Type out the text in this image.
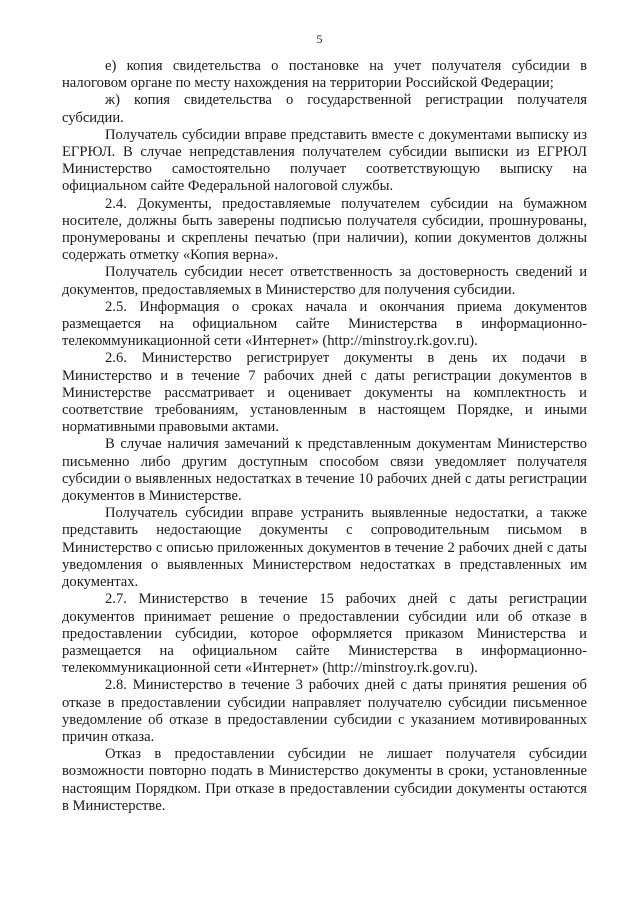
5

е) копия свидетельства о постановке на учет получателя субсидии в налоговом органе по месту нахождения на территории Российской Федерации;

ж) копия свидетельства о государственной регистрации получателя субсидии.

Получатель субсидии вправе представить вместе с документами выписку из ЕГРЮЛ. В случае непредставления получателем субсидии выписки из ЕГРЮЛ Министерство самостоятельно получает соответствующую выписку на официальном сайте Федеральной налоговой службы.

2.4. Документы, предоставляемые получателем субсидии на бумажном носителе, должны быть заверены подписью получателя субсидии, прошнурованы, пронумерованы и скреплены печатью (при наличии), копии документов должны содержать отметку «Копия верна».

Получатель субсидии несет ответственность за достоверность сведений и документов, предоставляемых в Министерство для получения субсидии.

2.5. Информация о сроках начала и окончания приема документов размещается на официальном сайте Министерства в информационно-телекоммуникационной сети «Интернет» (http://minstroy.rk.gov.ru).

2.6. Министерство регистрирует документы в день их подачи в Министерство и в течение 7 рабочих дней с даты регистрации документов в Министерстве рассматривает и оценивает документы на комплектность и соответствие требованиям, установленным в настоящем Порядке, и иными нормативными правовыми актами.

В случае наличия замечаний к представленным документам Министерство письменно либо другим доступным способом связи уведомляет получателя субсидии о выявленных недостатках в течение 10 рабочих дней с даты регистрации документов в Министерстве.

Получатель субсидии вправе устранить выявленные недостатки, а также представить недостающие документы с сопроводительным письмом в Министерство с описью приложенных документов в течение 2 рабочих дней с даты уведомления о выявленных Министерством недостатках в представленных им документах.

2.7. Министерство в течение 15 рабочих дней с даты регистрации документов принимает решение о предоставлении субсидии или об отказе в предоставлении субсидии, которое оформляется приказом Министерства и размещается на официальном сайте Министерства в информационно-телекоммуникационной сети «Интернет» (http://minstroy.rk.gov.ru).

2.8. Министерство в течение 3 рабочих дней с даты принятия решения об отказе в предоставлении субсидии направляет получателю субсидии письменное уведомление об отказе в предоставлении субсидии с указанием мотивированных причин отказа.

Отказ в предоставлении субсидии не лишает получателя субсидии возможности повторно подать в Министерство документы в сроки, установленные настоящим Порядком. При отказе в предоставлении субсидии документы остаются в Министерстве.
